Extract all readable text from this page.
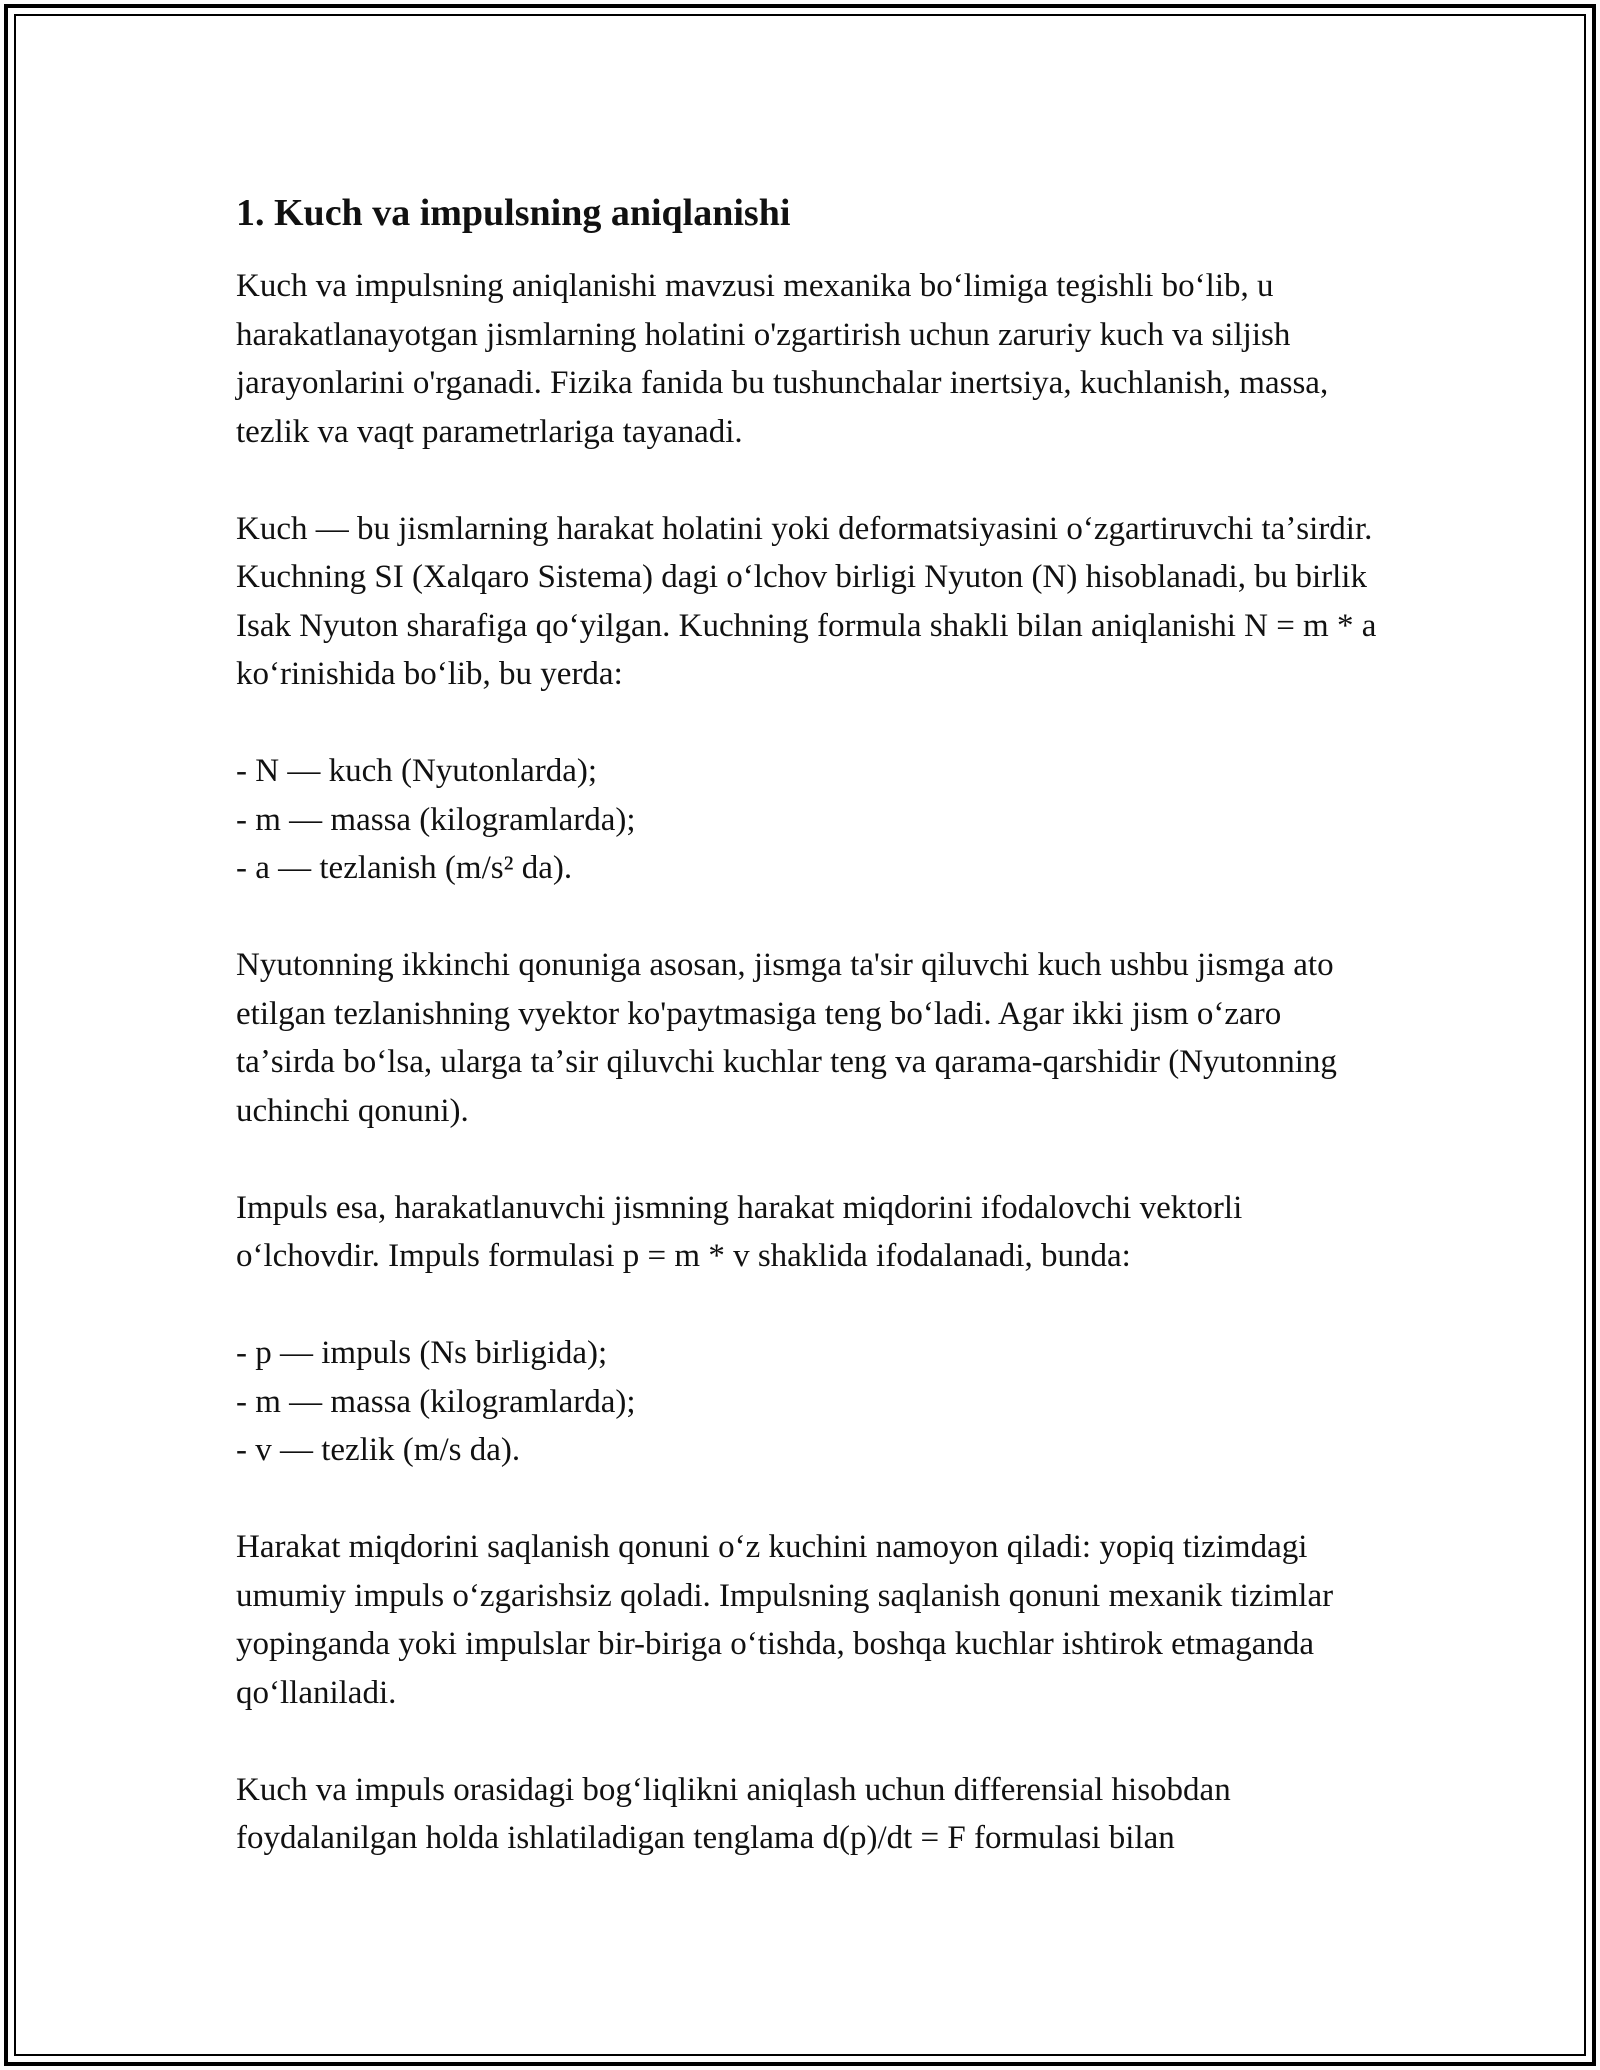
1. Kuch va impulsning aniqlanishi

Kuch va impulsning aniqlanishi mavzusi mexanika boʻlimiga tegishli boʻlib, u harakatlanayotgan jismlarning holatini o'zgartirish uchun zaruriy kuch va siljish jarayonlarini o'rganadi. Fizika fanida bu tushunchalar inertsiya, kuchlanish, massa, tezlik va vaqt parametrlariga tayanadi.

Kuch — bu jismlarning harakat holatini yoki deformatsiyasini oʻzgartiruvchi taʼsirdir. Kuchning SI (Xalqaro Sistema) dagi oʻlchov birligi Nyuton (N) hisoblanadi, bu birlik Isak Nyuton sharafiga qoʻyilgan. Kuchning formula shakli bilan aniqlanishi N = m * a koʻrinishida boʻlib, bu yerda:

- N — kuch (Nyutonlarda);
- m — massa (kilogramlarda);
- a — tezlanish (m/s² da).

Nyutonning ikkinchi qonuniga asosan, jismga ta'sir qiluvchi kuch ushbu jismga ato etilgan tezlanishning vyektor ko'paytmasiga teng boʻladi. Agar ikki jism oʻzaro taʼsirda boʻlsa, ularga taʼsir qiluvchi kuchlar teng va qarama-qarshidir (Nyutonning uchinchi qonuni).

Impuls esa, harakatlanuvchi jismning harakat miqdorini ifodalovchi vektorli oʻlchovdir. Impuls formulasi p = m * v shaklida ifodalanadi, bunda:

- p — impuls (Ns birligida);
- m — massa (kilogramlarda);
- v — tezlik (m/s da).

Harakat miqdorini saqlanish qonuni oʻz kuchini namoyon qiladi: yopiq tizimdagi umumiy impuls oʻzgarishsiz qoladi. Impulsning saqlanish qonuni mexanik tizimlar yopinganda yoki impulslar bir-biriga oʻtishda, boshqa kuchlar ishtirok etmaganda qoʻllaniladi.

Kuch va impuls orasidagi bogʻliqlikni aniqlash uchun differensial hisobdan foydalanilgan holda ishlatiladigan tenglama d(p)/dt = F formulasi bilan
